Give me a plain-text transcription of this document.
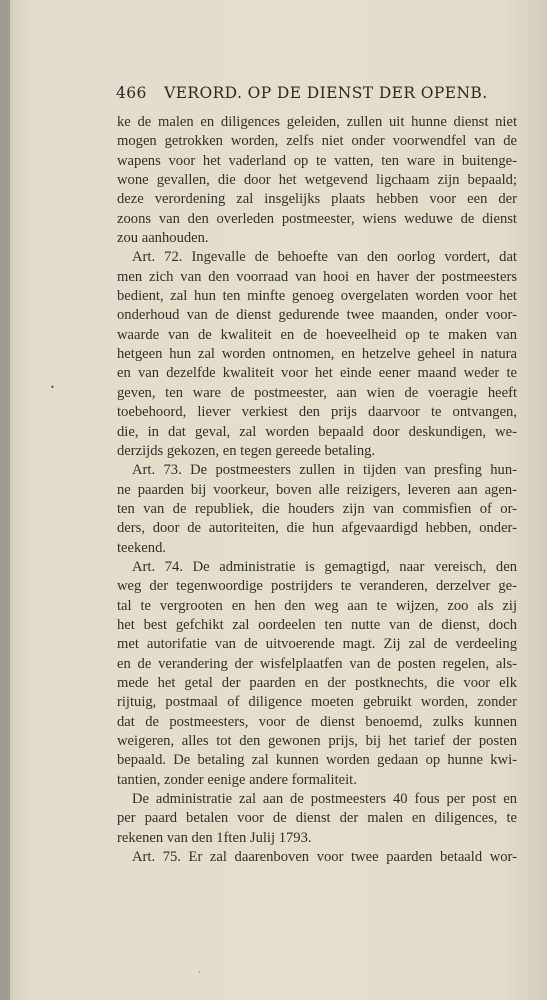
466 VERORD. OP DE DIENST DER OPENB.
ke de malen en diligences geleiden, zullen uit hunne dienst niet
mogen getrokken worden, zelfs niet onder voorwendfel van de
wapens voor het vaderland op te vatten, ten ware in buitenge-
wone gevallen, die door het wetgevend ligchaam zijn bepaald;
deze verordening zal insgelijks plaats hebben voor een der
zoons van den overleden postmeester, wiens weduwe de dienst
zou aanhouden.
Art. 72. Ingevalle de behoefte van den oorlog vordert, dat
men zich van den voorraad van hooi en haver der postmeesters
bedient, zal hun ten minfte genoeg overgelaten worden voor het
onderhoud van de dienst gedurende twee maanden, onder voor-
waarde van de kwaliteit en de hoeveelheid op te maken van
hetgeen hun zal worden ontnomen, en hetzelve geheel in natura
en van dezelfde kwaliteit voor het einde eener maand weder te
geven, ten ware de postmeester, aan wien de voeragie heeft
toebehoord, liever verkiest den prijs daarvoor te ontvangen,
die, in dat geval, zal worden bepaald door deskundigen, we-
derzijds gekozen, en tegen gereede betaling.
Art. 73. De postmeesters zullen in tijden van presfing hun-
ne paarden bij voorkeur, boven alle reizigers, leveren aan agen-
ten van de republiek, die houders zijn van commisfien of or-
ders, door de autoriteiten, die hun afgevaardigd hebben, onder-
teekend.
Art. 74. De administratie is gemagtigd, naar vereisch, den
weg der tegenwoordige postrijders te veranderen, derzelver ge-
tal te vergrooten en hen den weg aan te wijzen, zoo als zij
het best gefchikt zal oordeelen ten nutte van de dienst, doch
met autorifatie van de uitvoerende magt. Zij zal de verdeeling
en de verandering der wisfelplaatfen van de posten regelen, als-
mede het getal der paarden en der postknechts, die voor elk
rijtuig, postmaal of diligence moeten gebruikt worden, zonder
dat de postmeesters, voor de dienst benoemd, zulks kunnen
weigeren, alles tot den gewonen prijs, bij het tarief der posten
bepaald. De betaling zal kunnen worden gedaan op hunne kwi-
tantien, zonder eenige andere formaliteit.
De administratie zal aan de postmeesters 40 fous per post en
per paard betalen voor de dienst der malen en diligences, te
rekenen van den 1ften Julij 1793.
Art. 75. Er zal daarenboven voor twee paarden betaald wor-
•
·
